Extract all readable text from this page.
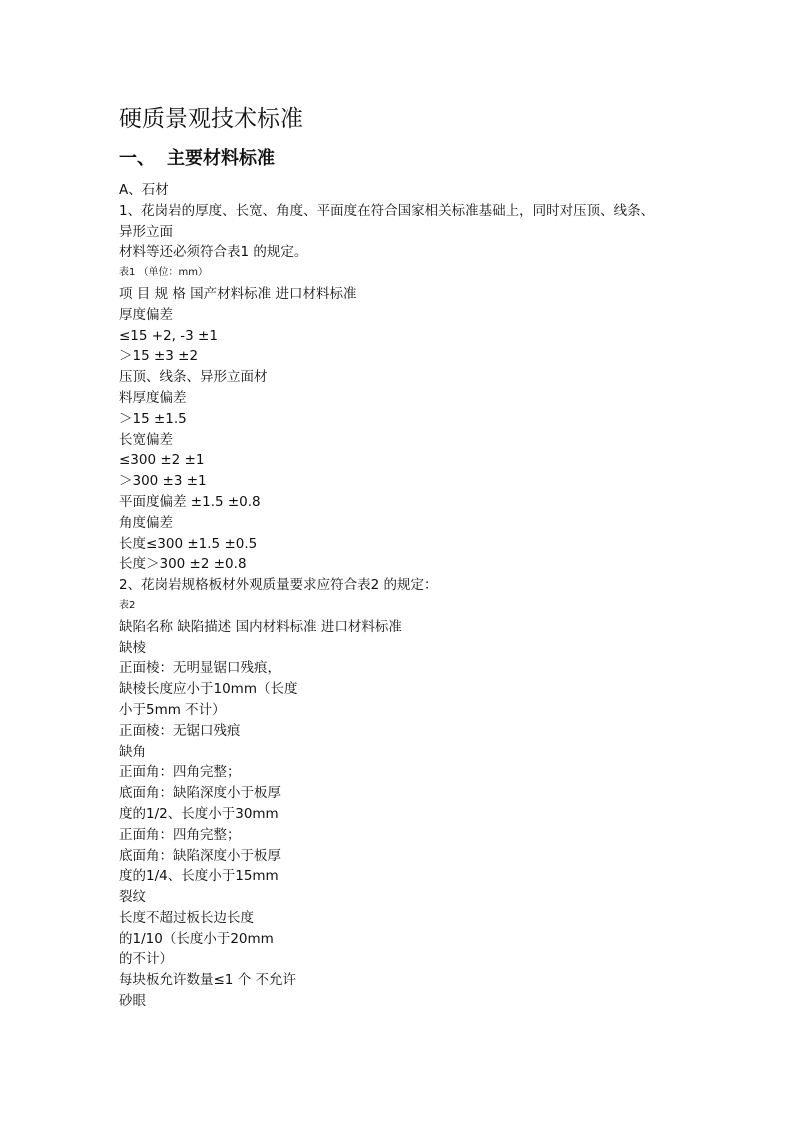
硬质景观技术标准
一、 主要材料标准
A、石材
1、花岗岩的厚度、长宽、角度、平面度在符合国家相关标准基础上，同时对压顶、线条、
异形立面
材料等还必须符合表1 的规定。
表1 （单位：mm）
项 目 规 格 国产材料标准 进口材料标准
厚度偏差
≤15 +2, -3 ±1
＞15 ±3 ±2
压顶、线条、异形立面材
料厚度偏差
＞15 ±1.5
长宽偏差
≤300 ±2 ±1
＞300 ±3 ±1
平面度偏差 ±1.5 ±0.8
角度偏差
长度≤300 ±1.5 ±0.5
长度＞300 ±2 ±0.8
2、花岗岩规格板材外观质量要求应符合表2 的规定：
表2
缺陷名称 缺陷描述 国内材料标准 进口材料标准
缺棱
正面棱：无明显锯口残痕，
缺棱长度应小于10mm（长度
小于5mm 不计）
正面棱：无锯口残痕
缺角
正面角：四角完整；
底面角：缺陷深度小于板厚
度的1/2、长度小于30mm
正面角：四角完整；
底面角：缺陷深度小于板厚
度的1/4、长度小于15mm
裂纹
长度不超过板长边长度
的1/10（长度小于20mm
的不计）
每块板允许数量≤1 个 不允许
砂眼
